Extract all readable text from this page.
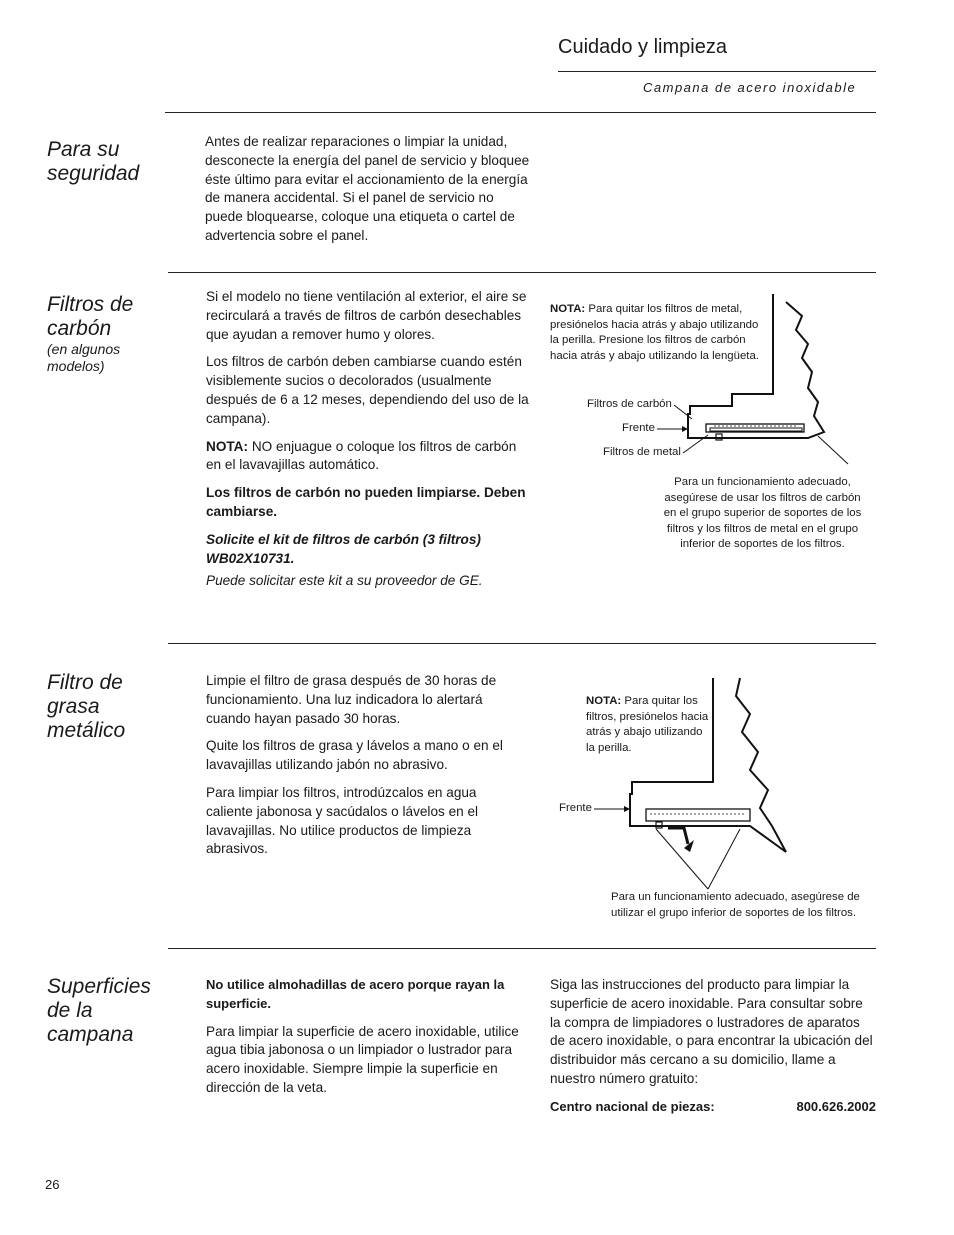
Cuidado y limpieza
Campana de acero inoxidable
Para su
seguridad
Antes de realizar reparaciones o limpiar la unidad, desconecte la energía del panel de servicio y bloquee éste último para evitar el accionamiento de la energía de manera accidental. Si el panel de servicio no puede bloquearse, coloque una etiqueta o cartel de advertencia sobre el panel.
Filtros de
carbón
(en algunos modelos)

Si el modelo no tiene ventilación al exterior, el aire se recirculará a través de filtros de carbón desechables que ayudan a remover humo y olores.

Los filtros de carbón deben cambiarse cuando estén visiblemente sucios o decolorados (usualmente después de 6 a 12 meses, dependiendo del uso de la campana).

NOTA: NO enjuague o coloque los filtros de carbón en el lavavajillas automático.

Los filtros de carbón no pueden limpiarse. Deben cambiarse.

Solicite el kit de filtros de carbón (3 filtros) WB02X10731.

Puede solicitar este kit a su proveedor de GE.

NOTA: Para quitar los filtros de metal, presiónelos hacia atrás y abajo utilizando la perilla. Presione los filtros de carbón hacia atrás y abajo utilizando la lengüeta.
Filtros de carbón
Frente
Filtros de metal
Para un funcionamiento adecuado, asegúrese de usar los filtros de carbón en el grupo superior de soportes de los filtros y los filtros de metal en el grupo inferior de soportes de los filtros.
Filtro de
grasa
metálico

Limpie el filtro de grasa después de 30 horas de funcionamiento. Una luz indicadora lo alertará cuando hayan pasado 30 horas.

Quite los filtros de grasa y lávelos a mano o en el lavavajillas utilizando jabón no abrasivo.

Para limpiar los filtros, introdúzcalos en agua caliente jabonosa y sacúdalos o lávelos en el lavavajillas. No utilice productos de limpieza abrasivos.

NOTA: Para quitar los filtros, presiónelos hacia atrás y abajo utilizando la perilla.
Frente
Para un funcionamiento adecuado, asegúrese de utilizar el grupo inferior de soportes de los filtros.
Superficies
de la
campana

No utilice almohadillas de acero porque rayan la superficie.

Para limpiar la superficie de acero inoxidable, utilice agua tibia jabonosa o un limpiador o lustrador para acero inoxidable. Siempre limpie la superficie en dirección de la veta.

Siga las instrucciones del producto para limpiar la superficie de acero inoxidable. Para consultar sobre la compra de limpiadores o lustradores de aparatos de acero inoxidable, o para encontrar la ubicación del distribuidor más cercano a su domicilio, llame a nuestro número gratuito:

Centro nacional de piezas:	800.626.2002
26
